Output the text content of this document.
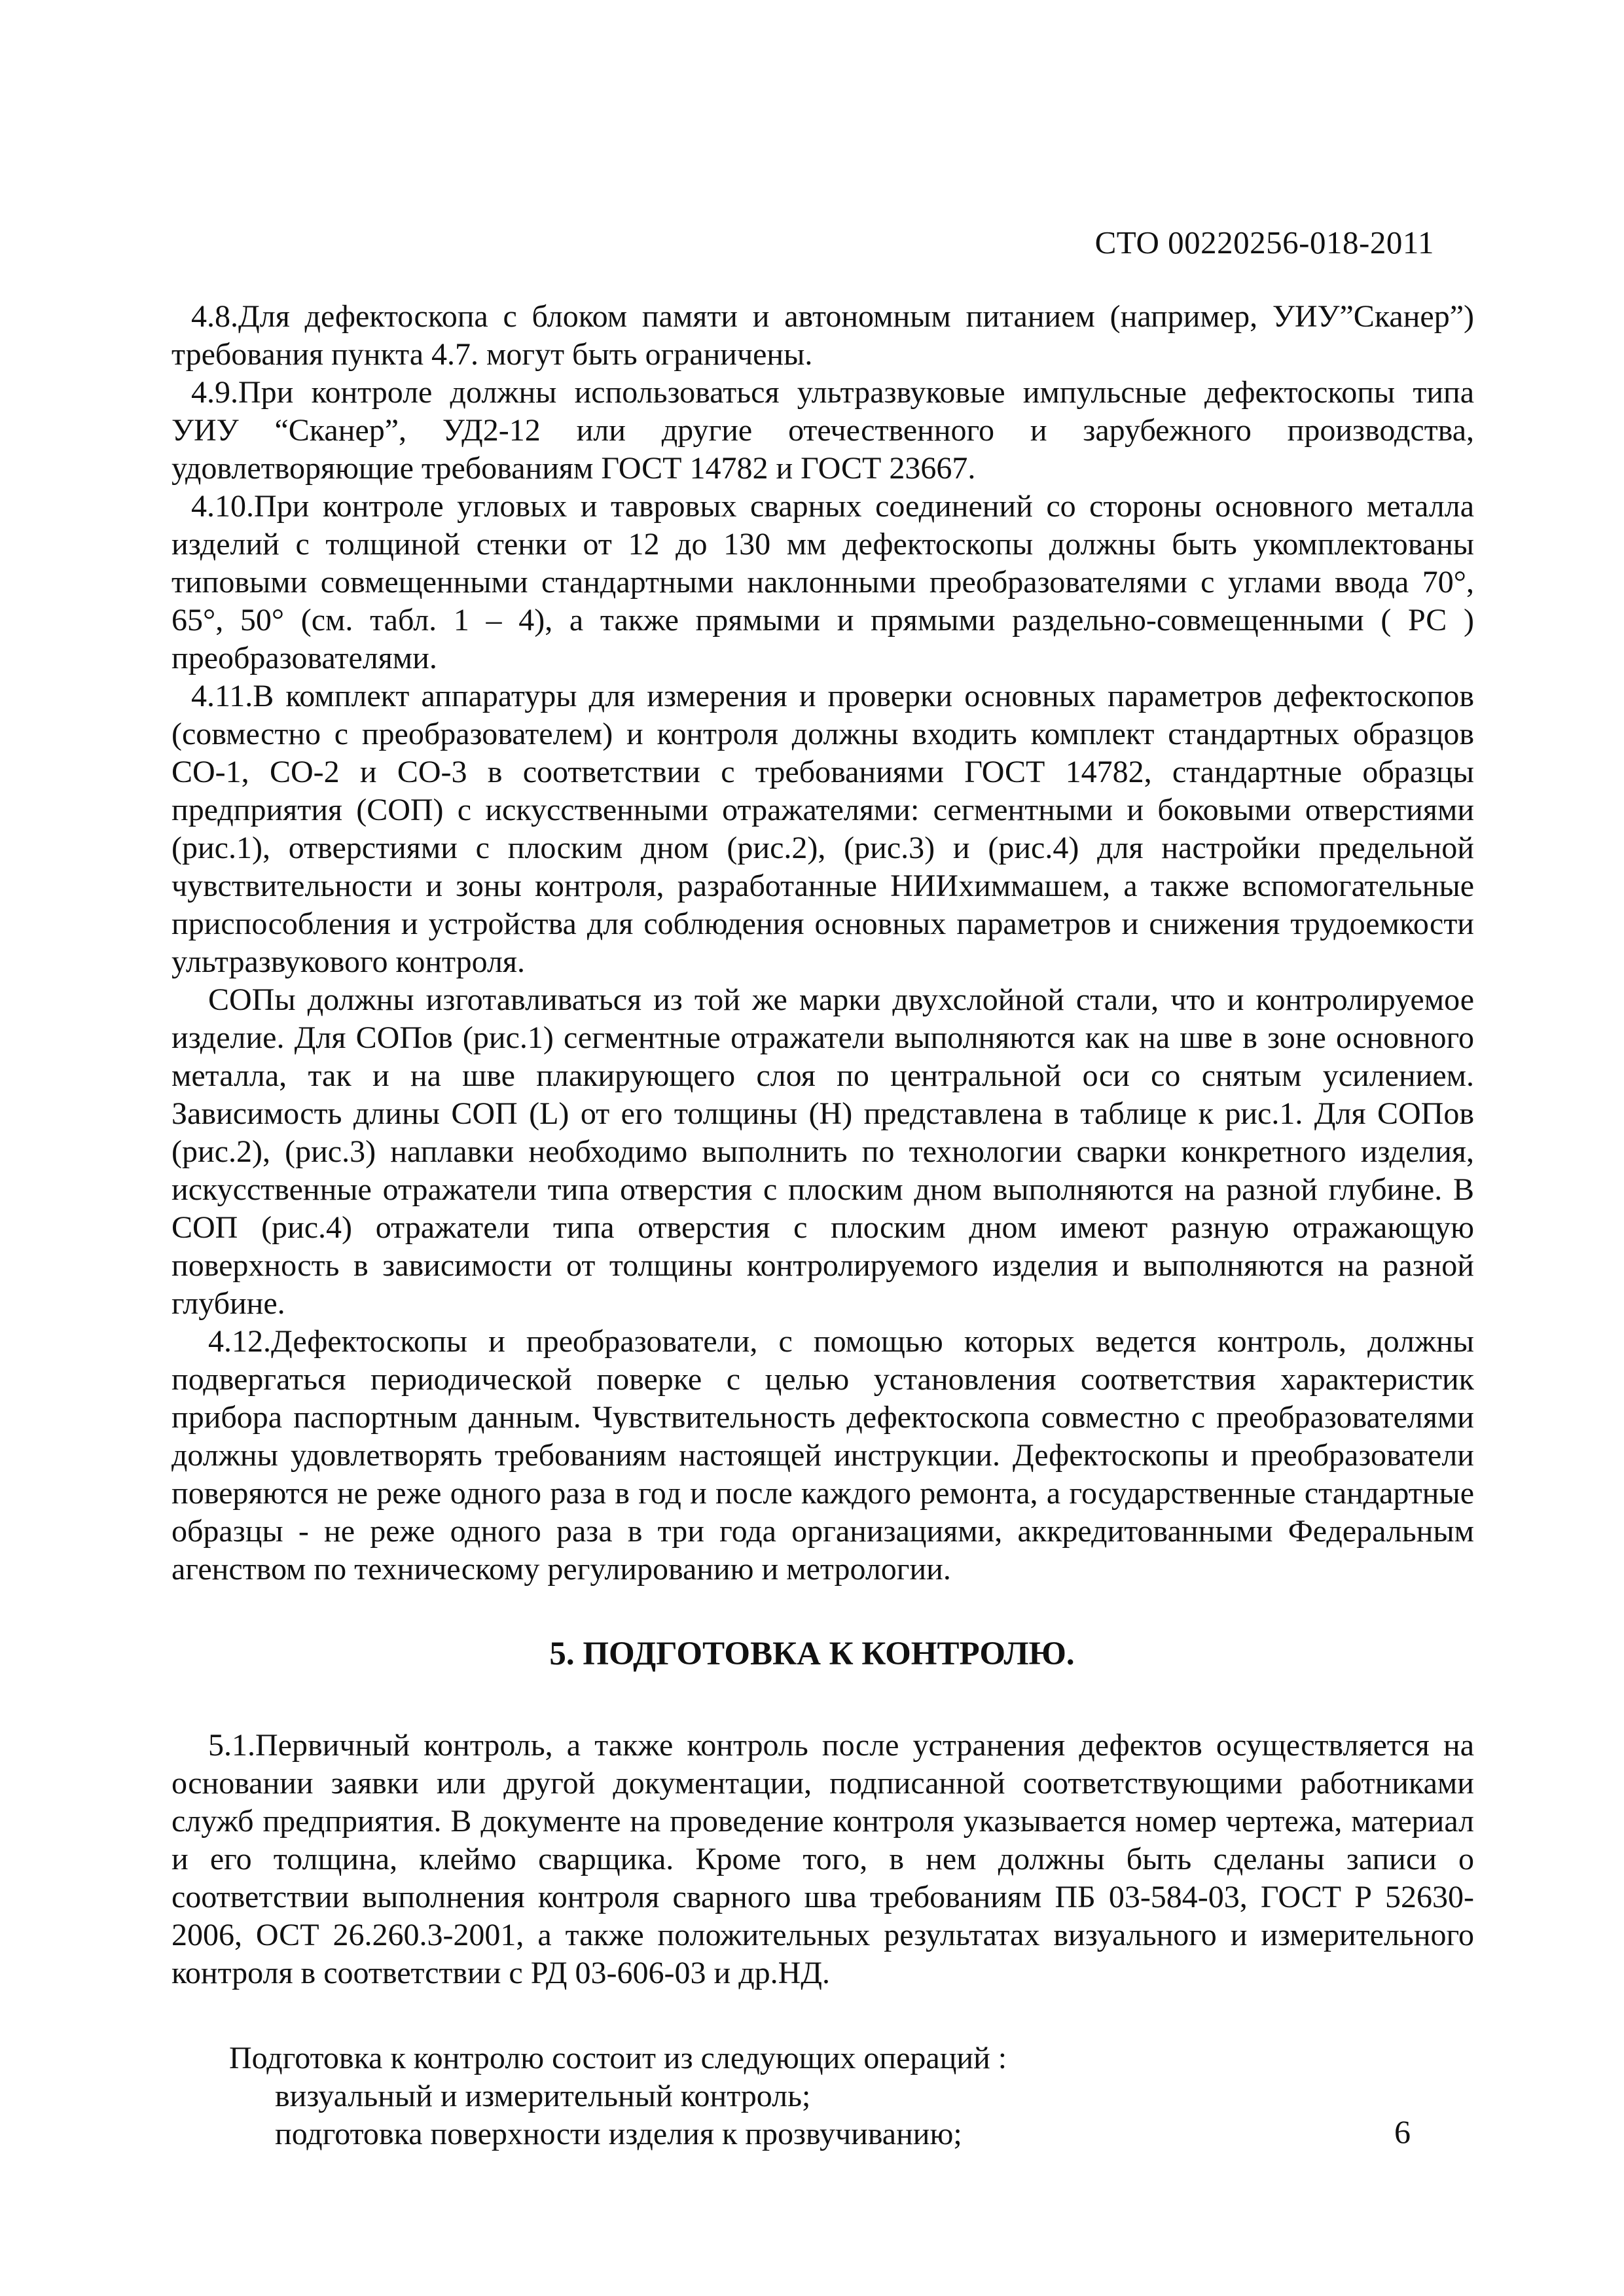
СТО 00220256-018-2011

4.8.Для дефектоскопа с блоком памяти и автономным питанием (например, УИУ”Сканер”) требования пункта 4.7. могут быть ограничены.

4.9.При контроле должны использоваться ультразвуковые импульсные дефектоскопы типа УИУ “Сканер”, УД2-12 или другие отечественного и зарубежного производства, удовлетворяющие требованиям ГОСТ 14782 и ГОСТ 23667.

4.10.При контроле угловых и тавровых сварных соединений со стороны основного металла изделий с толщиной стенки от 12 до 130 мм дефектоскопы должны быть укомплектованы типовыми совмещенными стандартными наклонными преобразователями с углами ввода 70°, 65°, 50° (см. табл. 1 – 4), а также прямыми и прямыми раздельно-совмещенными ( РС ) преобразователями.

4.11.В комплект аппаратуры для измерения и проверки основных параметров дефектоскопов (совместно с преобразователем) и контроля должны входить комплект стандартных образцов СО-1, СО-2 и СО-3 в соответствии с требованиями ГОСТ 14782, стандартные образцы предприятия (СОП) с искусственными отражателями: сегментными и боковыми отверстиями (рис.1), отверстиями с плоским дном (рис.2), (рис.3) и (рис.4) для настройки предельной чувствительности и зоны контроля, разработанные НИИхиммашем, а также вспомогательные приспособления и устройства для соблюдения основных параметров и снижения трудоемкости ультразвукового контроля.

СОПы должны изготавливаться из той же марки двухслойной стали, что и контролируемое изделие. Для СОПов (рис.1) сегментные отражатели выполняются как на шве в зоне основного металла, так и на шве плакирующего слоя по центральной оси со снятым усилением. Зависимость длины СОП (L) от его толщины (Н) представлена в таблице к рис.1. Для СОПов (рис.2), (рис.3) наплавки необходимо выполнить по технологии сварки конкретного изделия, искусственные отражатели типа отверстия с плоским дном выполняются на разной глубине. В СОП (рис.4) отражатели типа отверстия с плоским дном имеют разную отражающую поверхность в зависимости от толщины контролируемого изделия и выполняются на разной глубине.

4.12.Дефектоскопы и преобразователи, с помощью которых ведется контроль, должны подвергаться периодической поверке с целью установления соответствия характеристик прибора паспортным данным. Чувствительность дефектоскопа совместно с преобразователями должны удовлетворять требованиям настоящей инструкции. Дефектоскопы и преобразователи поверяются не реже одного раза в год и после каждого ремонта, а государственные стандартные образцы - не реже одного раза в три года организациями, аккредитованными Федеральным агенством по техническому регулированию и метрологии.

5. ПОДГОТОВКА К КОНТРОЛЮ.

5.1.Первичный контроль, а также контроль после устранения дефектов осуществляется на основании заявки или другой документации, подписанной соответствующими работниками служб предприятия. В документе на проведение контроля указывается номер чертежа, материал и его толщина, клеймо сварщика. Кроме того, в нем должны быть сделаны записи о соответствии выполнения контроля сварного шва требованиям ПБ 03-584-03, ГОСТ Р 52630-2006, ОСТ 26.260.3-2001, а также положительных результатах визуального и измерительного контроля в соответствии с РД 03-606-03 и др.НД.

Подготовка к контролю состоит из следующих операций :
визуальный и измерительный контроль;
подготовка поверхности изделия к прозвучиванию;	6
